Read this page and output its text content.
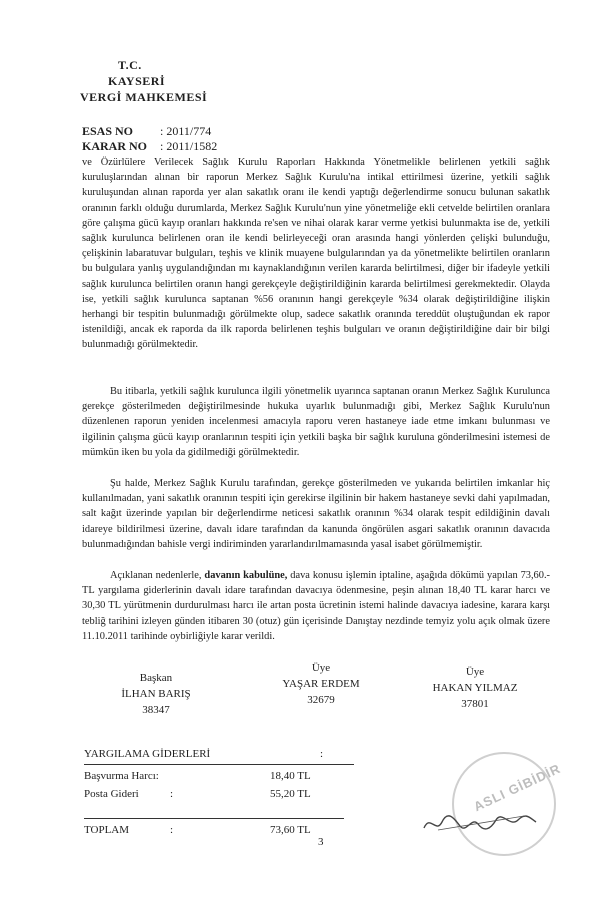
T.C.
KAYSERİ
VERGİ MAHKEMESİ
ESAS NO : 2011/774
KARAR NO : 2011/1582

ve Özürlülere Verilecek Sağlık Kurulu Raporları Hakkında Yönetmelikle belirlenen yetkili sağlık kuruluşlarından alınan bir raporun Merkez Sağlık Kurulu'na intikal ettirilmesi üzerine, yetkili sağlık kuruluşundan alınan raporda yer alan sakatlık oranı ile kendi yaptığı değerlendirme sonucu bulunan sakatlık oranının farklı olduğu durumlarda, Merkez Sağlık Kurulu'nun yine yönetmeliğe ekli cetvelde belirtilen oranlara göre çalışma gücü kayıp oranları hakkında re'sen ve nihai olarak karar verme yetkisi bulunmakta ise de, yetkili sağlık kurulunca belirlenen oran ile kendi belirleyeceği oran arasında hangi yönlerden çelişki bulunduğu, çelişkinin labaratuvar bulguları, teşhis ve klinik muayene bulgularından ya da yönetmelikte belirtilen oranların bu bulgulara yanlış uygulandığından mı kaynaklandığının verilen kararda belirtilmesi, diğer bir ifadeyle yetkili sağlık kurulunca belirtilen oranın hangi gerekçeyle değiştirildiğinin kararda belirtilmesi gerekmektedir. Olayda ise, yetkili sağlık kurulunca saptanan %56 oranının hangi gerekçeyle %34 olarak değiştirildiğine ilişkin herhangi bir tespitin bulunmadığı görülmekte olup, sadece sakatlık oranında tereddüt oluştuğundan ek rapor istenildiği, ancak ek raporda da ilk raporda belirlenen teşhis bulguları ve oranın değiştirildiğine dair bir bilgi bulunmadığı görülmektedir.

Bu itibarla, yetkili sağlık kurulunca ilgili yönetmelik uyarınca saptanan oranın Merkez Sağlık Kurulunca gerekçe gösterilmeden değiştirilmesinde hukuka uyarlık bulunmadığı gibi, Merkez Sağlık Kurulu'nun düzenlenen raporun yeniden incelenmesi amacıyla raporu veren hastaneye iade etme imkanı bulunması ve ilgilinin çalışma gücü kayıp oranlarının tespiti için yetkili başka bir sağlık kuruluna gönderilmesini istemesi de mümkün iken bu yola da gidilmediği görülmektedir.

Şu halde, Merkez Sağlık Kurulu tarafından, gerekçe gösterilmeden ve yukarıda belirtilen imkanlar hiç kullanılmadan, yani sakatlık oranının tespiti için gerekirse ilgilinin bir hakem hastaneye sevki dahi yapılmadan, salt kağıt üzerinde yapılan bir değerlendirme neticesi sakatlık oranının %34 olarak tespit edildiğinin davalı idareye bildirilmesi üzerine, davalı idare tarafından da kanunda öngörülen asgari sakatlık oranının davacıda bulunmadığından bahisle vergi indiriminden yararlandırılmamasında yasal isabet görülmemiştir.

Açıklanan nedenlerle, davanın kabulüne, dava konusu işlemin iptaline, aşağıda dökümü yapılan 73,60.-TL yargılama giderlerinin davalı idare tarafından davacıya ödenmesine, peşin alınan 18,40 TL karar harcı ve 30,30 TL yürütmenin durdurulması harcı ile artan posta ücretinin istemi halinde davacıya iadesine, karara karşı tebliğ tarihini izleyen günden itibaren 30 (otuz) gün içerisinde Danıştay nezdinde temyiz yolu açık olmak üzere 11.10.2011 tarihinde oybirliğiyle karar verildi.

Başkan
İLHAN BARIŞ
38347
Üye
YAŞAR ERDEM
32679
Üye
HAKAN YILMAZ
37801
YARGILAMA GİDERLERİ	:
Başvurma Harcı:	18,40 TL
Posta Gideri	:	55,20 TL
TOPLAM	:	73,60 TL
3
ASLI GİBİDİR
